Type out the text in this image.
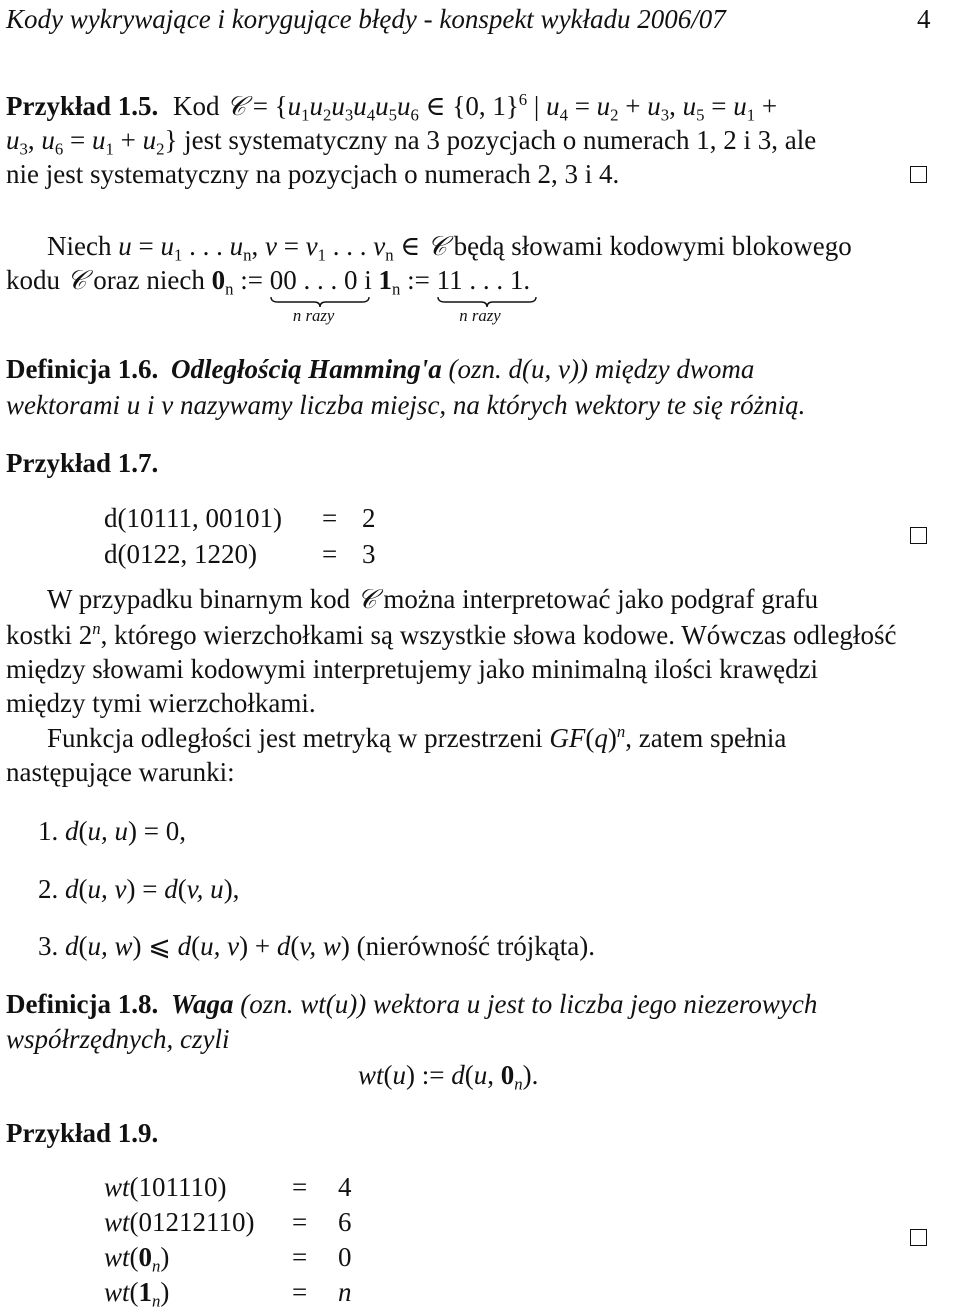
Kody wykrywające i korygujące błędy - konspekt wykładu 2006/07	4
Przykład 1.5. Kod 𝒞 = {$u_1u_2u_3u_4u_5u_6$ ∈ {0, 1}$^6$ | $u_4 = u_2 + u_3$, $u_5 = u_1$ +
$u_3$, $u_6 = u_1 + u_2$} jest systematyczny na 3 pozycjach o numerach 1, 2 i 3, ale
nie jest systematyczny na pozycjach o numerach 2, 3 i 4.
Niech $u = u_1$ . . . $u_n$, $v = v_1$ . . . $v_n$ ∈ 𝒞 będą słowami kodowymi blokowego
kodu 𝒞 oraz niech $0_n$ := 00 . . . 0
n razy
i $1_n$ := 11 . . . 1
n razy
.
Definicja 1.6. Odległością Hamming'a (ozn. d(u, v)) między dwoma
wektorami u i v nazywamy liczba miejsc, na których wektory te się różnią.
Przykład 1.7.
d(10111, 00101) = 2
d(0122, 1220) = 3
W przypadku binarnym kod 𝒞 można interpretować jako podgraf grafu
kostki 2$^n$, którego wierzchołkami są wszystkie słowa kodowe. Wówczas odległość
między słowami kodowymi interpretujemy jako minimalną ilości krawędzi
między tymi wierzchołkami.
Funkcja odległości jest metryką w przestrzeni $GF(q)^n$, zatem spełnia
następujące warunki:
1. d(u, u) = 0,
2. d(u, v) = d(v, u),
3. d(u, w) ⩽ d(u, v) + d(v, w) (nierówność trójkąta).
Definicja 1.8. Waga (ozn. wt(u)) wektora u jest to liczba jego niezerowych
współrzędnych, czyli
wt(u) := d(u, $0_n$).
Przykład 1.9.
wt(101110) = 4
wt(01212110) = 6
$wt(0_n)$	= 0
$wt(1_n)$	= n
